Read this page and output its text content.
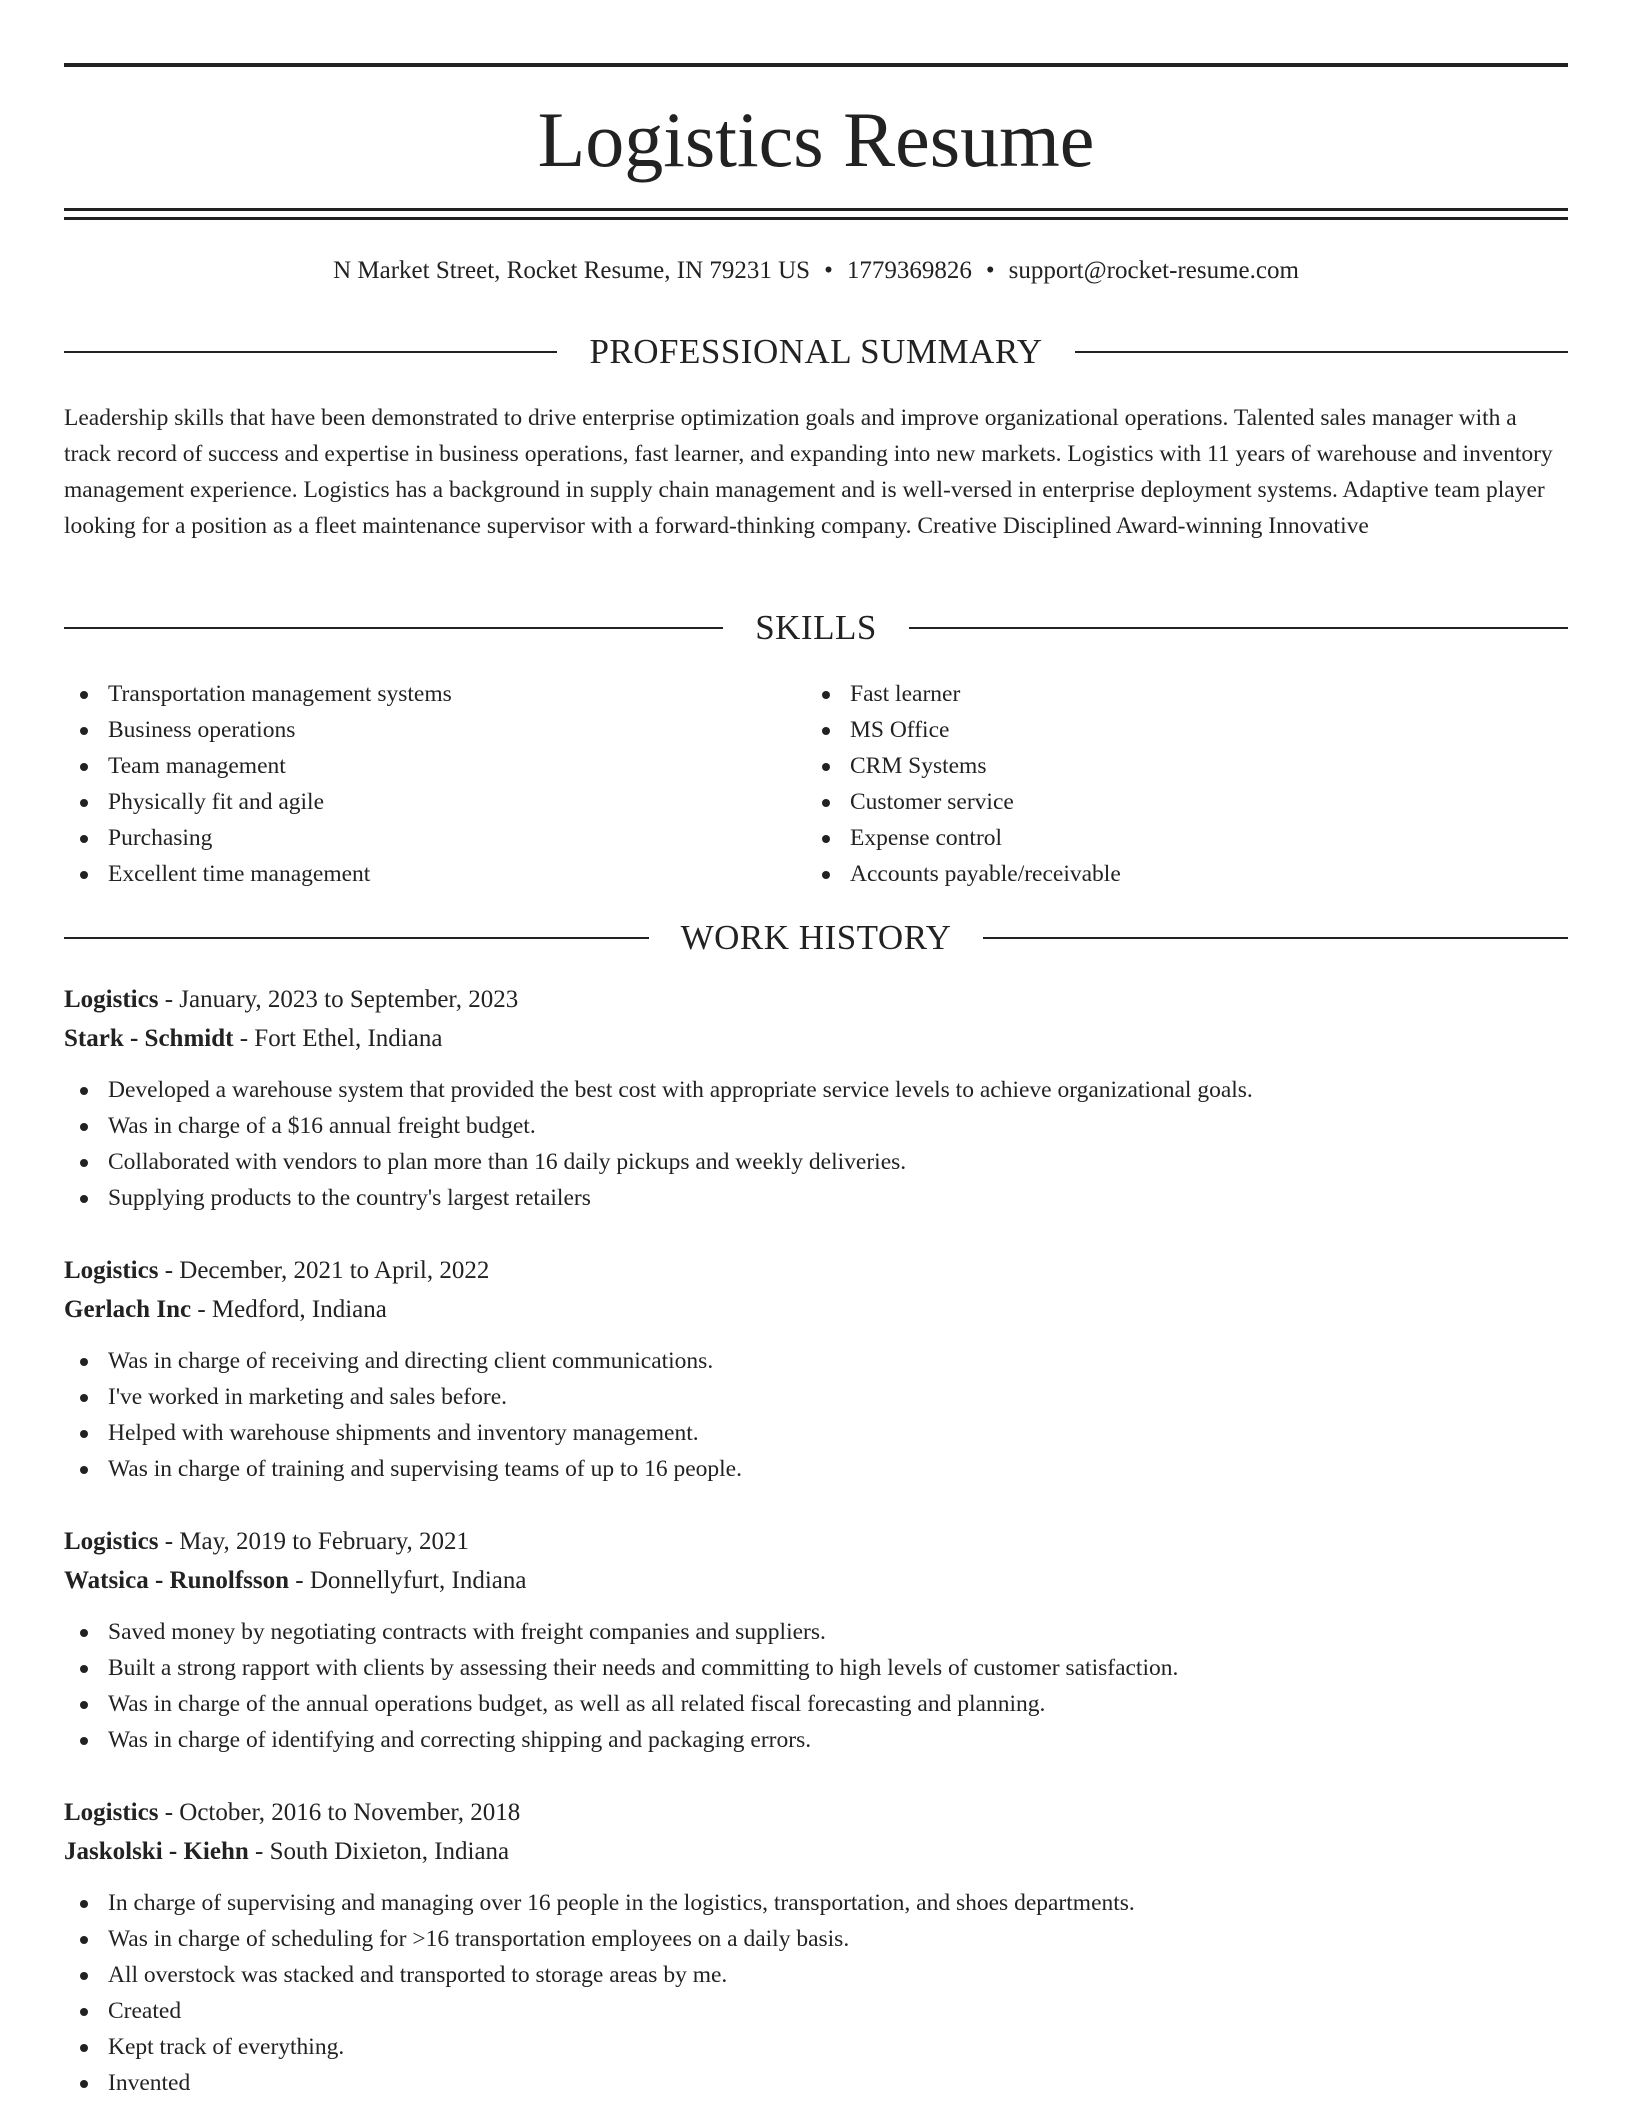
Logistics Resume
N Market Street, Rocket Resume, IN 79231 US • 1779369826 • support@rocket-resume.com
PROFESSIONAL SUMMARY

Leadership skills that have been demonstrated to drive enterprise optimization goals and improve organizational operations. Talented sales manager with a track record of success and expertise in business operations, fast learner, and expanding into new markets. Logistics with 11 years of warehouse and inventory management experience. Logistics has a background in supply chain management and is well-versed in enterprise deployment systems. Adaptive team player looking for a position as a fleet maintenance supervisor with a forward-thinking company. Creative Disciplined Award-winning Innovative

SKILLS
Transportation management systems
Business operations
Team management
Physically fit and agile
Purchasing
Excellent time management
Fast learner
MS Office
CRM Systems
Customer service
Expense control
Accounts payable/receivable
WORK HISTORY
Logistics - January, 2023 to September, 2023
Stark - Schmidt - Fort Ethel, Indiana
Developed a warehouse system that provided the best cost with appropriate service levels to achieve organizational goals.
Was in charge of a $16 annual freight budget.
Collaborated with vendors to plan more than 16 daily pickups and weekly deliveries.
Supplying products to the country's largest retailers
Logistics - December, 2021 to April, 2022
Gerlach Inc - Medford, Indiana
Was in charge of receiving and directing client communications.
I've worked in marketing and sales before.
Helped with warehouse shipments and inventory management.
Was in charge of training and supervising teams of up to 16 people.
Logistics - May, 2019 to February, 2021
Watsica - Runolfsson - Donnellyfurt, Indiana
Saved money by negotiating contracts with freight companies and suppliers.
Built a strong rapport with clients by assessing their needs and committing to high levels of customer satisfaction.
Was in charge of the annual operations budget, as well as all related fiscal forecasting and planning.
Was in charge of identifying and correcting shipping and packaging errors.
Logistics - October, 2016 to November, 2018
Jaskolski - Kiehn - South Dixieton, Indiana
In charge of supervising and managing over 16 people in the logistics, transportation, and shoes departments.
Was in charge of scheduling for >16 transportation employees on a daily basis.
All overstock was stacked and transported to storage areas by me.
Created
Kept track of everything.
Invented
